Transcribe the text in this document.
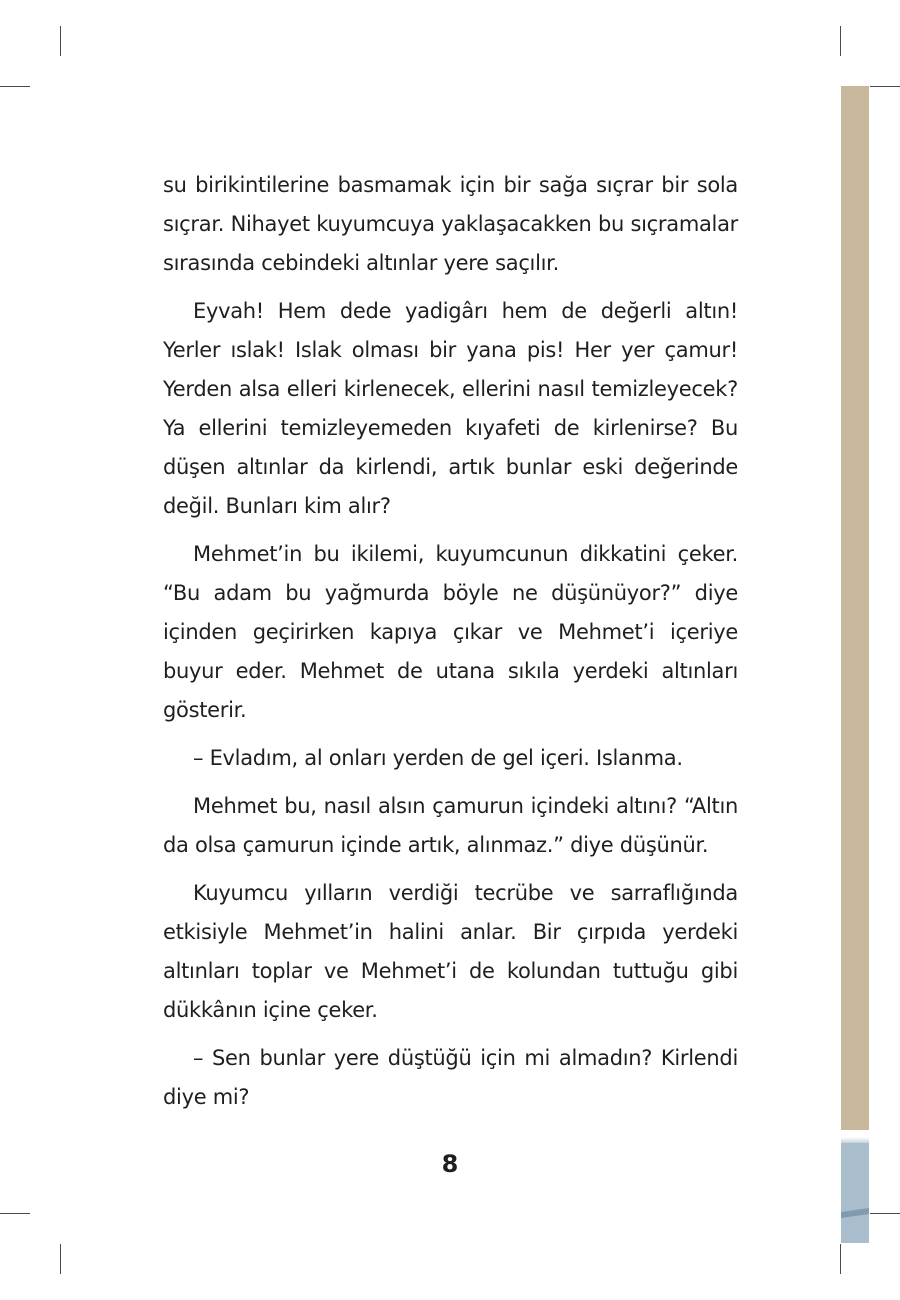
su birikintilerine basmamak için bir sağa sıçrar bir sola sıçrar. Nihayet kuyumcuya yaklaşacakken bu sıçramalar sırasında cebindeki altınlar yere saçılır.

Eyvah! Hem dede yadigârı hem de değerli altın! Yerler ıslak! Islak olması bir yana pis! Her yer çamur! Yerden alsa elleri kirlenecek, ellerini nasıl temizleyecek? Ya ellerini temizleyemeden kıyafeti de kirlenirse? Bu düşen altınlar da kirlendi, artık bunlar eski değerinde değil. Bunları kim alır?

Mehmet’in bu ikilemi, kuyumcunun dikkatini çeker. “Bu adam bu yağmurda böyle ne düşünüyor?” diye içinden geçirirken kapıya çıkar ve Mehmet’i içeriye buyur eder. Mehmet de utana sıkıla yerdeki altınları gösterir.

– Evladım, al onları yerden de gel içeri. Islanma.

Mehmet bu, nasıl alsın çamurun içindeki altını? “Altın da olsa çamurun içinde artık, alınmaz.” diye düşünür.

Kuyumcu yılların verdiği tecrübe ve sarraflığında etkisiyle Mehmet’in halini anlar. Bir çırpıda yerdeki altınları toplar ve Mehmet’i de kolundan tuttuğu gibi dükkânın içine çeker.

– Sen bunlar yere düştüğü için mi almadın? Kirlendi diye mi?

8
